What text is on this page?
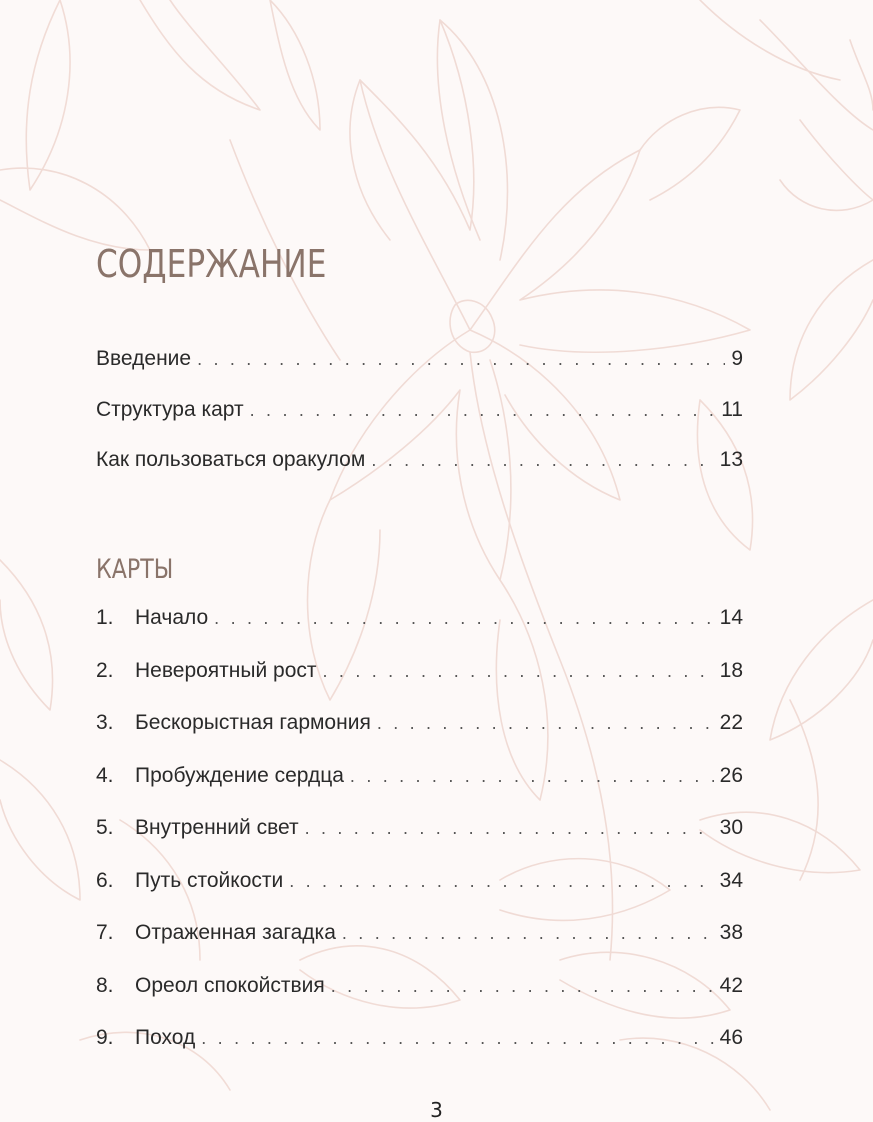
СОДЕРЖАНИЕ
Введение . . .	9
Структура карт . . .	11
Как пользоваться оракулом . . .	13
КАРТЫ
1.	Начало . . .	14
2.	Невероятный рост . . .	18
3.	Бескорыстная гармония . . .	22
4.	Пробуждение сердца . . .	26
5.	Внутренний свет . . .	30
6.	Путь стойкости . . .	34
7.	Отраженная загадка . . .	38
8.	Ореол спокойствия . . .	42
9.	Поход . . .	46
3
